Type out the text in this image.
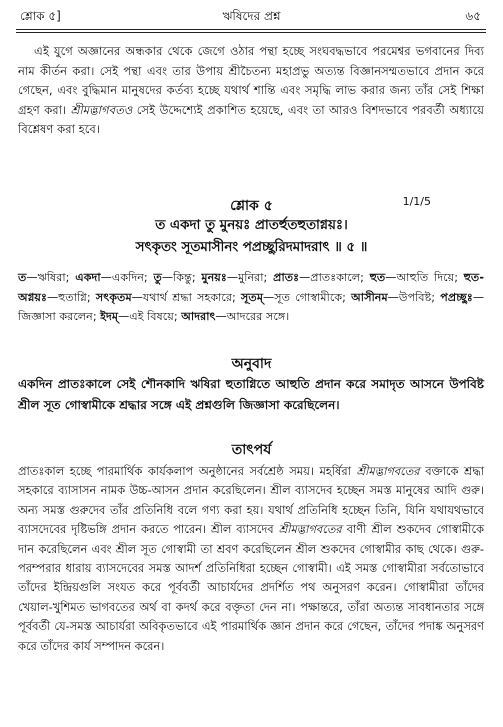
শ্লোক ৫]	ঋষিদের প্রশ্ন	৬৫
এই যুগে অজ্ঞানের অন্ধকার থেকে জেগে ওঠার পন্থা হচ্ছে সংঘবদ্ধভাবে পরমেশ্বর ভগবানের দিব্য নাম কীর্তন করা। সেই পন্থা এবং তার উপায় শ্রীচৈতন্য মহাপ্রভু অত্যন্ত বিজ্ঞানসম্মতভাবে প্রদান করে গেছেন, এবং বুদ্ধিমান মানুষদের কর্তব্য হচ্ছে যথার্থ শান্তি এবং সমৃদ্ধি লাভ করার জন্য তাঁর সেই শিক্ষা গ্রহণ করা। শ্রীমদ্ভাগবতও সেই উদ্দেশ্যেই প্রকাশিত হয়েছে, এবং তা আরও বিশদভাবে পরবর্তী অধ্যায়ে বিশ্লেষণ করা হবে।
শ্লোক ৫	1/1/5
ত একদা তু মুনয়ঃ প্রাতর্হুতহুতাগ্নয়ঃ।
সৎকৃতং সূতমাসীনং পপ্রচ্ছুরিদমাদরাৎ ॥ ৫ ॥
ত—ঋষিরা; একদা—একদিন; তু—কিন্তু; মুনয়ঃ—মুনিরা; প্রাতঃ—প্রাতঃকালে; হুত—আহুতি দিয়ে; হুত-অগ্নয়ঃ—হুতাগ্নি; সৎকৃতম—যথার্থ শ্রদ্ধা সহকারে; সূতম্—সূত গোস্বামীকে; আসীনম—উপবিষ্ট; পপ্রচ্ছুঃ—জিজ্ঞাসা করলেন; ইদম্—এই বিষয়ে; আদরাৎ—আদরের সঙ্গে।
অনুবাদ
একদিন প্রাতঃকালে সেই শৌনকাদি ঋষিরা হুতাগ্নিতে আহুতি প্রদান করে সমাদৃত আসনে উপবিষ্ট শ্রীল সূত গোস্বামীকে শ্রদ্ধার সঙ্গে এই প্রশ্নগুলি জিজ্ঞাসা করেছিলেন।
তাৎপর্য
প্রাতঃকাল হচ্ছে পারমার্থিক কার্যকলাপ অনুষ্ঠানের সর্বশ্রেষ্ঠ সময়। মহর্ষিরা শ্রীমদ্ভাগবতের বক্তাকে শ্রদ্ধা সহকারে ব্যাসাসন নামক উচ্চ-আসন প্রদান করেছিলেন। শ্রীল ব্যাসদেব হচ্ছেন সমস্ত মানুষের আদি গুরু। অন্য সমস্ত গুরুদেব তাঁর প্রতিনিধি বলে গণ্য করা হয়। যথার্থ প্রতিনিধি হচ্ছেন তিনি, যিনি যথাযথভাবে ব্যাসদেবের দৃষ্টিভঙ্গি প্রদান করতে পারেন। শ্রীল ব্যাসদেব শ্রীমদ্ভাগবতের বাণী শ্রীল শুকদেব গোস্বামীকে দান করেছিলেন এবং শ্রীল সূত গোস্বামী তা শ্রবণ করেছিলেন শ্রীল শুকদেব গোস্বামীর কাছ থেকে। গুরু-পরম্পরার ধারায় ব্যাসদেবের সমস্ত আদর্শ প্রতিনিধিরা হচ্ছেন গোস্বামী। এই সমস্ত গোস্বামীরা সর্বতোভাবে তাঁদের ইন্দ্রিয়গুলি সংযত করে পূর্ববর্তী আচার্যদের প্রদর্শিত পথ অনুসরণ করেন। গোস্বামীরা তাঁদের খেয়াল-খুশিমত ভাগবতের অর্থ বা কদর্থ করে বক্তৃতা দেন না। পক্ষান্তরে, তাঁরা অত্যন্ত সাবধানতার সঙ্গে পূর্ববর্তী যে-সমস্ত আচার্যরা অবিকৃতভাবে এই পারমার্থিক জ্ঞান প্রদান করে গেছেন, তাঁদের পদাঙ্ক অনুসরণ করে তাঁদের কার্য সম্পাদন করেন।
